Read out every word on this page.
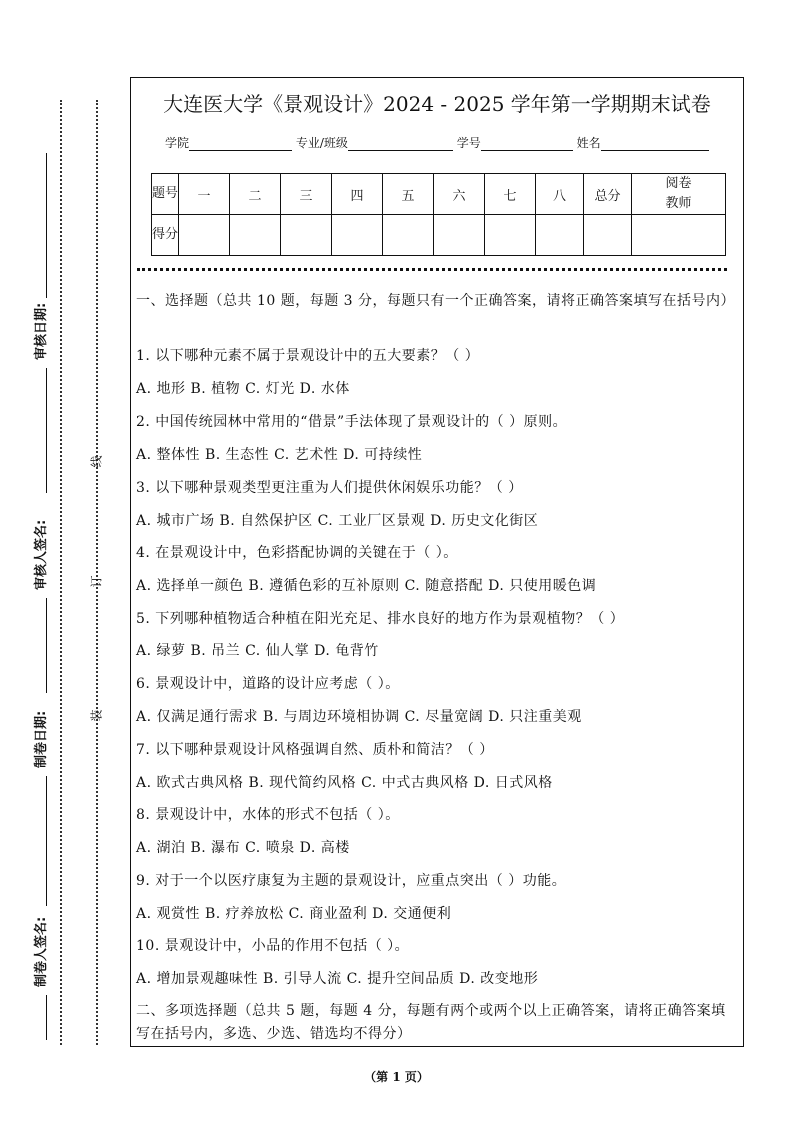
审核日期:
审核人签名:
制卷日期:
制卷人签名:
线
订
装
大连医大学《景观设计》2024 - 2025 学年第一学期期末试卷
学院	专业/班级	学号	姓名
题号	一	二	三	四	五	六	七	八	总分	阅卷教师
得分										
一、选择题（总共 10 题，每题 3 分，每题只有一个正确答案，请将正确答案填写在括号内）
1. 以下哪种元素不属于景观设计中的五大要素？（ ）
A. 地形 B. 植物 C. 灯光 D. 水体
2. 中国传统园林中常用的“借景”手法体现了景观设计的（ ）原则。
A. 整体性 B. 生态性 C. 艺术性 D. 可持续性
3. 以下哪种景观类型更注重为人们提供休闲娱乐功能？（ ）
A. 城市广场 B. 自然保护区 C. 工业厂区景观 D. 历史文化街区
4. 在景观设计中，色彩搭配协调的关键在于（ ）。
A. 选择单一颜色 B. 遵循色彩的互补原则 C. 随意搭配 D. 只使用暖色调
5. 下列哪种植物适合种植在阳光充足、排水良好的地方作为景观植物？（ ）
A. 绿萝 B. 吊兰 C. 仙人掌 D. 龟背竹
6. 景观设计中，道路的设计应考虑（ ）。
A. 仅满足通行需求 B. 与周边环境相协调 C. 尽量宽阔 D. 只注重美观
7. 以下哪种景观设计风格强调自然、质朴和简洁？（ ）
A. 欧式古典风格 B. 现代简约风格 C. 中式古典风格 D. 日式风格
8. 景观设计中，水体的形式不包括（ ）。
A. 湖泊 B. 瀑布 C. 喷泉 D. 高楼
9. 对于一个以医疗康复为主题的景观设计，应重点突出（ ）功能。
A. 观赏性 B. 疗养放松 C. 商业盈利 D. 交通便利
10. 景观设计中，小品的作用不包括（ ）。
A. 增加景观趣味性 B. 引导人流 C. 提升空间品质 D. 改变地形
二、多项选择题（总共 5 题，每题 4 分，每题有两个或两个以上正确答案，请将正确答案填写在括号内，多选、少选、错选均不得分）
（第 1 页）
